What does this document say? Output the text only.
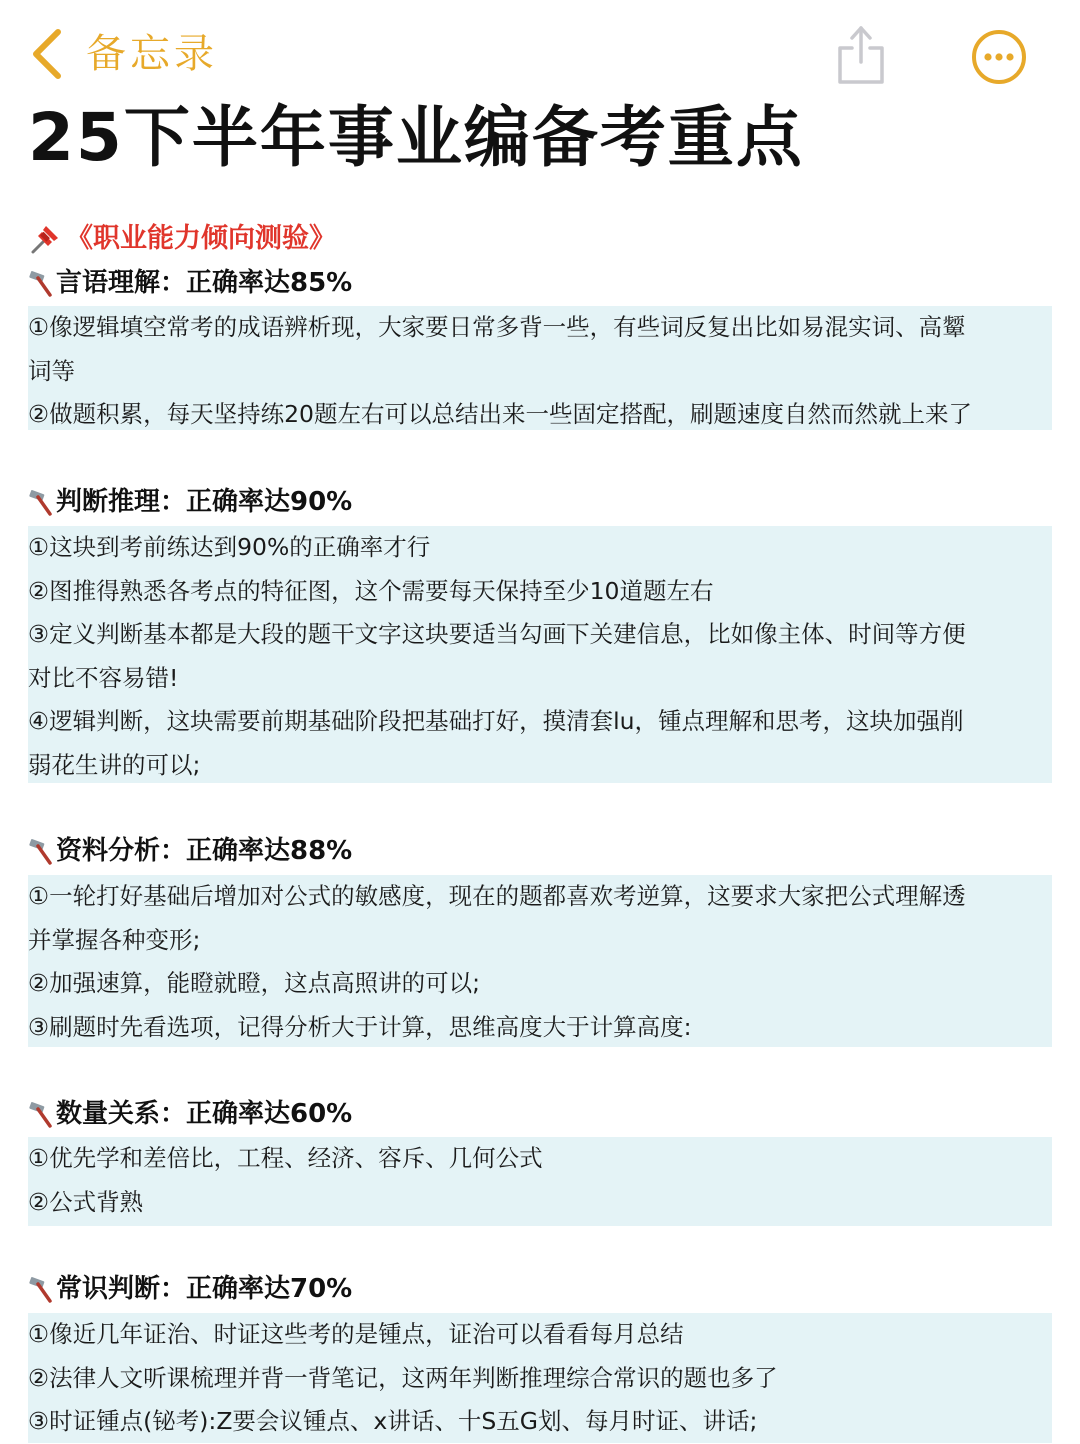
备忘录
25下半年事业编备考重点
《职业能力倾向测验》
言语理解：正确率达85%
①像逻辑填空常考的成语辨析现，大家要日常多背一些，有些词反复出比如易混实词、高颦
词等
②做题积累，每天坚持练20题左右可以总结出来一些固定搭配，刷题速度自然而然就上来了
判断推理：正确率达90%
①这块到考前练达到90%的正确率才行
②图推得熟悉各考点的特征图，这个需要每天保持至少10道题左右
③定义判断基本都是大段的题干文字这块要适当勾画下关建信息，比如像主体、时间等方便
对比不容易错!
④逻辑判断，这块需要前期基础阶段把基础打好，摸清套lu，锺点理解和思考，这块加强削
弱花生讲的可以;
资料分析：正确率达88%
①一轮打好基础后增加对公式的敏感度，现在的题都喜欢考逆算，这要求大家把公式理解透
并掌握各种变形;
②加强速算，能瞪就瞪，这点高照讲的可以;
③刷题时先看选项，记得分析大于计算，思维高度大于计算高度:
数量关系：正确率达60%
①优先学和差倍比，工程、经济、容斥、几何公式
②公式背熟
常识判断：正确率达70%
①像近几年证治、时证这些考的是锺点，证治可以看看每月总结
②法律人文听课梳理并背一背笔记，这两年判断推理综合常识的题也多了
③时证锺点(铋考):Z要会议锺点、x讲话、十S五G划、每月时证、讲话;
